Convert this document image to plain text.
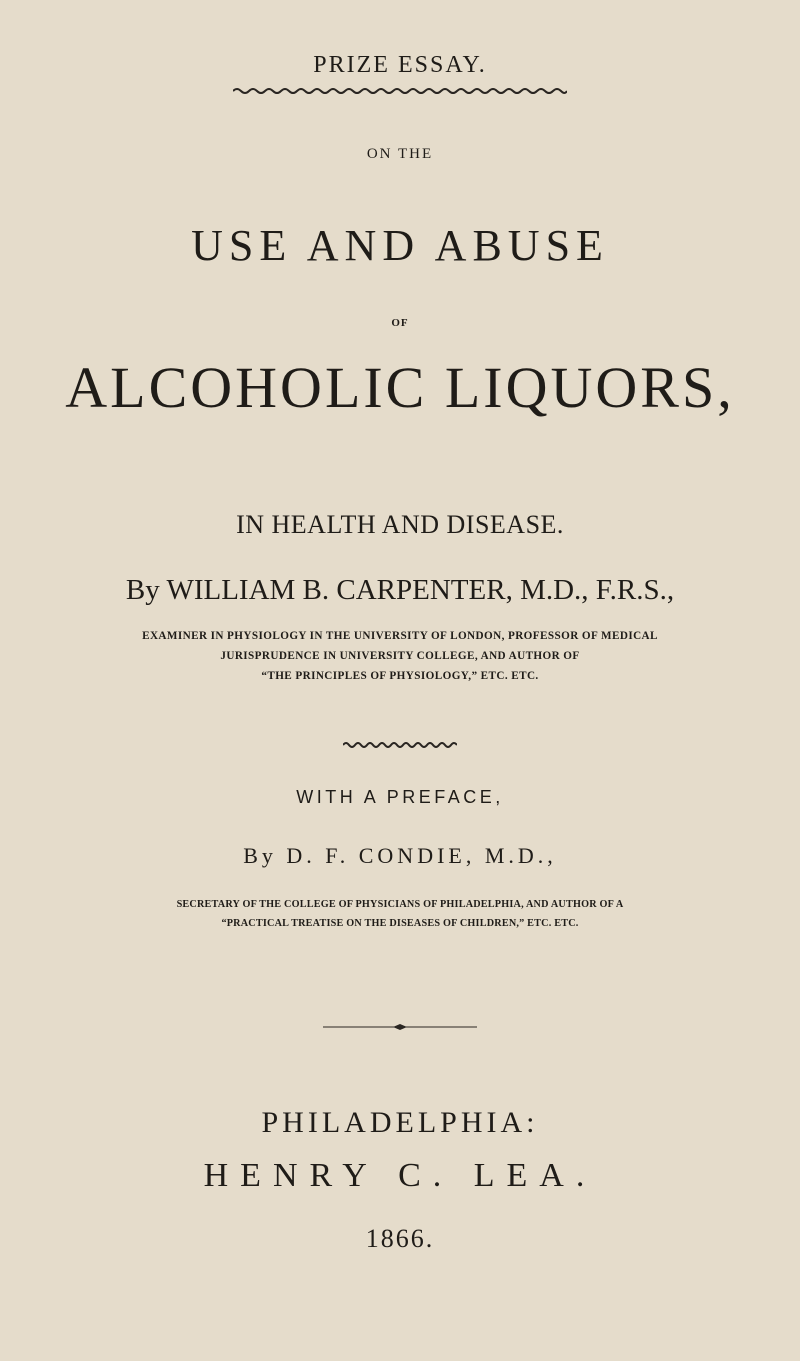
PRIZE ESSAY.
ON THE
USE AND ABUSE
OF
ALCOHOLIC LIQUORS,
IN HEALTH AND DISEASE.
By WILLIAM B. CARPENTER, M.D., F.R.S.,
EXAMINER IN PHYSIOLOGY IN THE UNIVERSITY OF LONDON, PROFESSOR OF MEDICAL
JURISPRUDENCE IN UNIVERSITY COLLEGE, AND AUTHOR OF
“THE PRINCIPLES OF PHYSIOLOGY,” ETC. ETC.
WITH A PREFACE,
By D. F. CONDIE, M.D.,
SECRETARY OF THE COLLEGE OF PHYSICIANS OF PHILADELPHIA, AND AUTHOR OF A
“PRACTICAL TREATISE ON THE DISEASES OF CHILDREN,” ETC. ETC.
PHILADELPHIA:
HENRY C. LEA.
1866.
